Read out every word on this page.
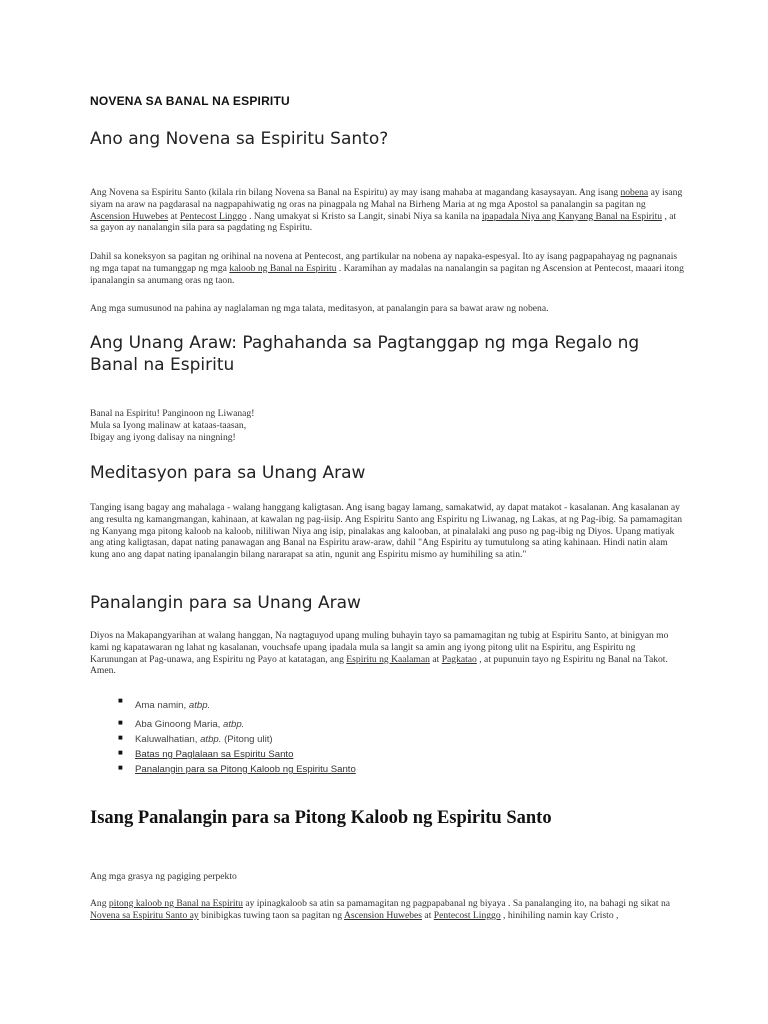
NOVENA SA BANAL NA ESPIRITU
Ano ang Novena sa Espiritu Santo?
Ang Novena sa Espiritu Santo (kilala rin bilang Novena sa Banal na Espiritu) ay may isang mahaba at magandang kasaysayan. Ang isang nobena ay isang siyam na araw na pagdarasal na nagpapahiwatig ng oras na pinagpala ng Mahal na Birheng Maria at ng mga Apostol sa panalangin sa pagitan ng Ascension Huwebes at Pentecost Linggo . Nang umakyat si Kristo sa Langit, sinabi Niya sa kanila na ipapadala Niya ang Kanyang Banal na Espiritu , at sa gayon ay nanalangin sila para sa pagdating ng Espiritu.
Dahil sa koneksyon sa pagitan ng orihinal na novena at Pentecost, ang partikular na nobena ay napaka-espesyal. Ito ay isang pagpapahayag ng pagnanais ng mga tapat na tumanggap ng mga kaloob ng Banal na Espiritu . Karamihan ay madalas na nanalangin sa pagitan ng Ascension at Pentecost, maaari itong ipanalangin sa anumang oras ng taon.
Ang mga sumusunod na pahina ay naglalaman ng mga talata, meditasyon, at panalangin para sa bawat araw ng nobena.
Ang Unang Araw: Paghahanda sa Pagtanggap ng mga Regalo ng Banal na Espiritu
Banal na Espiritu! Panginoon ng Liwanag!
Mula sa Iyong malinaw at kataas-taasan,
Ibigay ang iyong dalisay na ningning!
Meditasyon para sa Unang Araw
Tanging isang bagay ang mahalaga - walang hanggang kaligtasan. Ang isang bagay lamang, samakatwid, ay dapat matakot - kasalanan. Ang kasalanan ay ang resulta ng kamangmangan, kahinaan, at kawalan ng pag-iisip. Ang Espiritu Santo ang Espiritu ng Liwanag, ng Lakas, at ng Pag-ibig. Sa pamamagitan ng Kanyang mga pitong kaloob na kaloob, nililiwan Niya ang isip, pinalakas ang kalooban, at pinalalaki ang puso ng pag-ibig ng Diyos. Upang matiyak ang ating kaligtasan, dapat nating panawagan ang Banal na Espiritu araw-araw, dahil "Ang Espiritu ay tumutulong sa ating kahinaan. Hindi natin alam kung ano ang dapat nating ipanalangin bilang nararapat sa atin, ngunit ang Espiritu mismo ay humihiling sa atin."
Panalangin para sa Unang Araw
Diyos na Makapangyarihan at walang hanggan, Na nagtaguyod upang muling buhayin tayo sa pamamagitan ng tubig at Espiritu Santo, at binigyan mo kami ng kapatawaran ng lahat ng kasalanan, vouchsafe upang ipadala mula sa langit sa amin ang iyong pitong ulit na Espiritu, ang Espiritu ng Karunungan at Pag-unawa, ang Espiritu ng Payo at katatagan, ang Espiritu ng Kaalaman at Pagkatao , at pupunuin tayo ng Espiritu ng Banal na Takot. Amen.
■ Ama namin, atbp.
■ Aba Ginoong Maria, atbp.
■ Kaluwalhatian, atbp. (Pitong ulit)
■ Batas ng Paglalaan sa Espiritu Santo
■ Panalangin para sa Pitong Kaloob ng Espiritu Santo
Isang Panalangin para sa Pitong Kaloob ng Espiritu Santo
Ang mga grasya ng pagiging perpekto
Ang pitong kaloob ng Banal na Espiritu ay ipinagkaloob sa atin sa pamamagitan ng pagpapabanal ng biyaya . Sa panalanging ito, na bahagi ng sikat na Novena sa Espiritu Santo ay binibigkas tuwing taon sa pagitan ng Ascension Huwebes at Pentecost Linggo , hinihiling namin kay Cristo ,
